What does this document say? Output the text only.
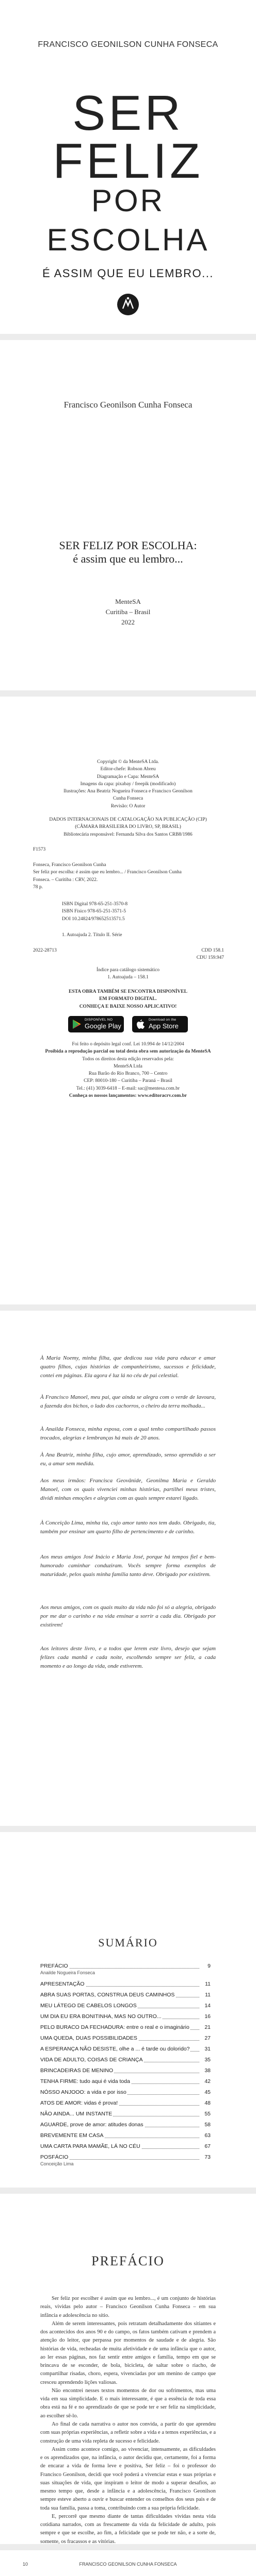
FRANCISCO GEONILSON CUNHA FONSECA
SER
FELIZ
POR
ESCOLHA
É ASSIM QUE EU LEMBRO...
Francisco Geonilson Cunha Fonseca
SER FELIZ POR ESCOLHA:
é assim que eu lembro...
MenteSA
Curitiba – Brasil
2022
Copyright © da MenteSA Ltda.
Editor-chefe: Robson Abreu
Diagramação e Capa: MenteSA
Imagens da capa: pixabay / freepik (modificado)
Ilustrações: Ana Beatriz Nogueira Fonseca e Francisco Geonilson
Cunha Fonseca
Revisão: O Autor
DADOS INTERNACIONAIS DE CATALOGAÇÃO NA PUBLICAÇÃO (CIP)
(CÂMARA BRASILEIRA DO LIVRO, SP, BRASIL)
Bibliotecária responsável: Fernanda Silva dos Santos CRB8/1986
F1573
Fonseca, Francisco Geonilson Cunha
Ser feliz por escolha: é assim que eu lembro... / Francisco Geonilson Cunha
Fonseca. – Curitiba : CRV, 2022.
78 p.
ISBN Digital 978-65-251-3570-8
ISBN Físico 978-65-251-3571-5
DOI 10.24824/978652513571.5
1. Autoajuda 2. Título II. Série
2022-28713	CDD 158.1
CDU 159.947
Índice para catálogo sistemático
1. Autoajuda – 158.1
ESTA OBRA TAMBÉM SE ENCONTRA DISPONÍVEL
EM FORMATO DIGITAL.
CONHEÇA E BAIXE NOSSO APLICATIVO!
DISPONÍVEL NO
Google Play
Download on the
App Store
Foi feito o depósito legal conf. Lei 10.994 de 14/12/2004
Proibida a reprodução parcial ou total desta obra sem autorização da MenteSA
Todos os direitos desta edição reservados pela:
MenteSA Ltda
Rua Barão do Rio Branco, 700 – Centro
CEP: 80010-180 – Curitiba – Paraná – Brasil
Tel.: (41) 3039-6418 – E-mail: sac@mentesa.com.br
Conheça os nossos lançamentos: www.editoracrv.com.br
À Maria Noemy, minha filha, que dedicou sua vida para educar e amar quatro filhos, cujas histórias de companheirismo, sucessos e felicidade, contei em páginas. Ela agora é luz lá no céu de pai celestial.
À Francisco Manoel, meu pai, que ainda se alegra com o verde de lavoura, a fazenda dos bichos, o lado dos cachorros, o cheiro da terra molhada...
À Anailda Fonseca, minha esposa, com a qual tenho compartilhado passos trocados, alegrias e lembranças há mais de 20 anos.
À Ana Beatriz, minha filha, cujo amor, aprendizado, senso aprendido a ser eu, a amar sem medida.
Aos meus irmãos: Francisca Geovânide, Geonilma Maria e Geraldo Manoel, com os quais vivenciei minhas histórias, partilhei meus tristes, dividi minhas emoções e alegrias com as quais sempre estarei ligado.
À Conceição Lima, minha tia, cujo amor tanto nos tem dado. Obrigado, tia, também por ensinar um quarto filho de pertencimento e de carinho.
Aos meus amigos José Inácio e Maria José, porque há tempos fiel e bem-humorado caminhar conduziram. Vocês sempre forma exemplos de maturidade, pelos quais minha família tanto deve. Obrigado por existirem.
Aos meus amigos, com os quais muito da vida não foi só a alegria, obrigado por me dar o carinho e na vida ensinar a sorrir a cada dia. Obrigado por existirem!
Aos leitores deste livro, e a todos que lerem este livro, desejo que sejam felizes cada manhã e cada noite, escolhendo sempre ser feliz, a cada momento e ao longo da vida, onde estiverem.
SUMÁRIO
PREFÁCIO	9
Anailde Nogueira Fonseca
APRESENTAÇÃO	11
ABRA SUAS PORTAS, CONSTRUA DEUS CAMINHOS	11
MEU LÁTEGO DE CABELOS LONGOS	14
UM DIA EU ERA BONITINHA, MAS NO OUTRO...	16
PELO BURACO DA FECHADURA: entre o real e o imaginário	21
UMA QUEDA, DUAS POSSIBILIDADES	27
A ESPERANÇA NÃO DESISTE, olhe a ... é tarde ou dolorido?	31
VIDA DE ADULTO, COISAS DE CRIANÇA	35
BRINCADEIRAS DE MENINO	38
TENHA FIRME: tudo aqui é vida toda	42
NÓSSO ANJOOO: a vida e por isso	45
ATOS DE AMOR: vidas é prova!	48
NÃO AINDA... UM INSTANTE	55
AGUARDE, prove de amor: atitudes donas	58
BREVEMENTE EM CASA	63
UMA CARTA PARA MAMÃE, LÁ NO CÉU	67
POSFÁCIO	73
Conceição Lima
PREFÁCIO

Ser feliz por escolher é assim que eu lembro..., é um conjunto de histórias reais, vividas pelo autor – Francisco Geonilson Cunha Fonseca – em sua infância e adolescência no sítio.

Além de serem interessantes, pois retratam detalhadamente dos sitiantes e dos acontecidos dos anos 90 e do campo, os fatos também cativam e prendem a atenção do leitor, que perpassa por momentos de saudade e de alegria. São histórias de vida, recheadas de muita afetividade e de uma infância que o autor, ao ler essas páginas, nos faz sentir entre amigos e família, tempo em que se brincava de se esconder, de bola, bicicleta, de saltar sobre o riacho, de compartilhar risadas, choro, espera, vivenciadas por um menino de campo que cresceu aprendendo lições valiosas.

Não encontrei nesses textos momentos de dor ou sofrimentos, mas uma vida em sua simplicidade. E o mais interessante, é que a essência de toda essa obra está na fé e no aprendizado de que se pode ter e ser feliz na simplicidade, ao escolher sê-lo.

Ao final de cada narrativa o autor nos convida, a partir do que aprendeu com suas próprias experiências, a refletir sobre a vida e a temos experiências, e a construção de uma vida repleta de sucesso e felicidade.

Assim como acontece comigo, ao vivenciar, intensamente, as dificuldades e os aprendizados que, na infância, o autor decidiu que, certamente, foi a forma de encarar a vida de forma leve e positiva, Ser feliz – foi o professor do Francisco Geonilson, decidi que você poderá a vivenciar estas e suas próprias e suas situações de vida, que inspiram o leitor de modo a superar desafios, ao mesmo tempo que, desde a infância e a adolescência, Francisco Geonilson sempre esteve aberto a ouvir e buscar entender os conselhos dos seus pais e de toda sua família, passa a toma, contribuindo com a sua própria felicidade.

E, percorrê que mesmo diante de tantas dificuldades vividas nesta vida cotidiana narrados, com as frescamente da vida da felicidade de adulto, pois sempre e que se escolhe, ao fim, a felicidade que se pode ter não, e a sorte de, somente, os fracassos e as vitórias.

10	FRANCISCO GEONILSON CUNHA FONSECA
